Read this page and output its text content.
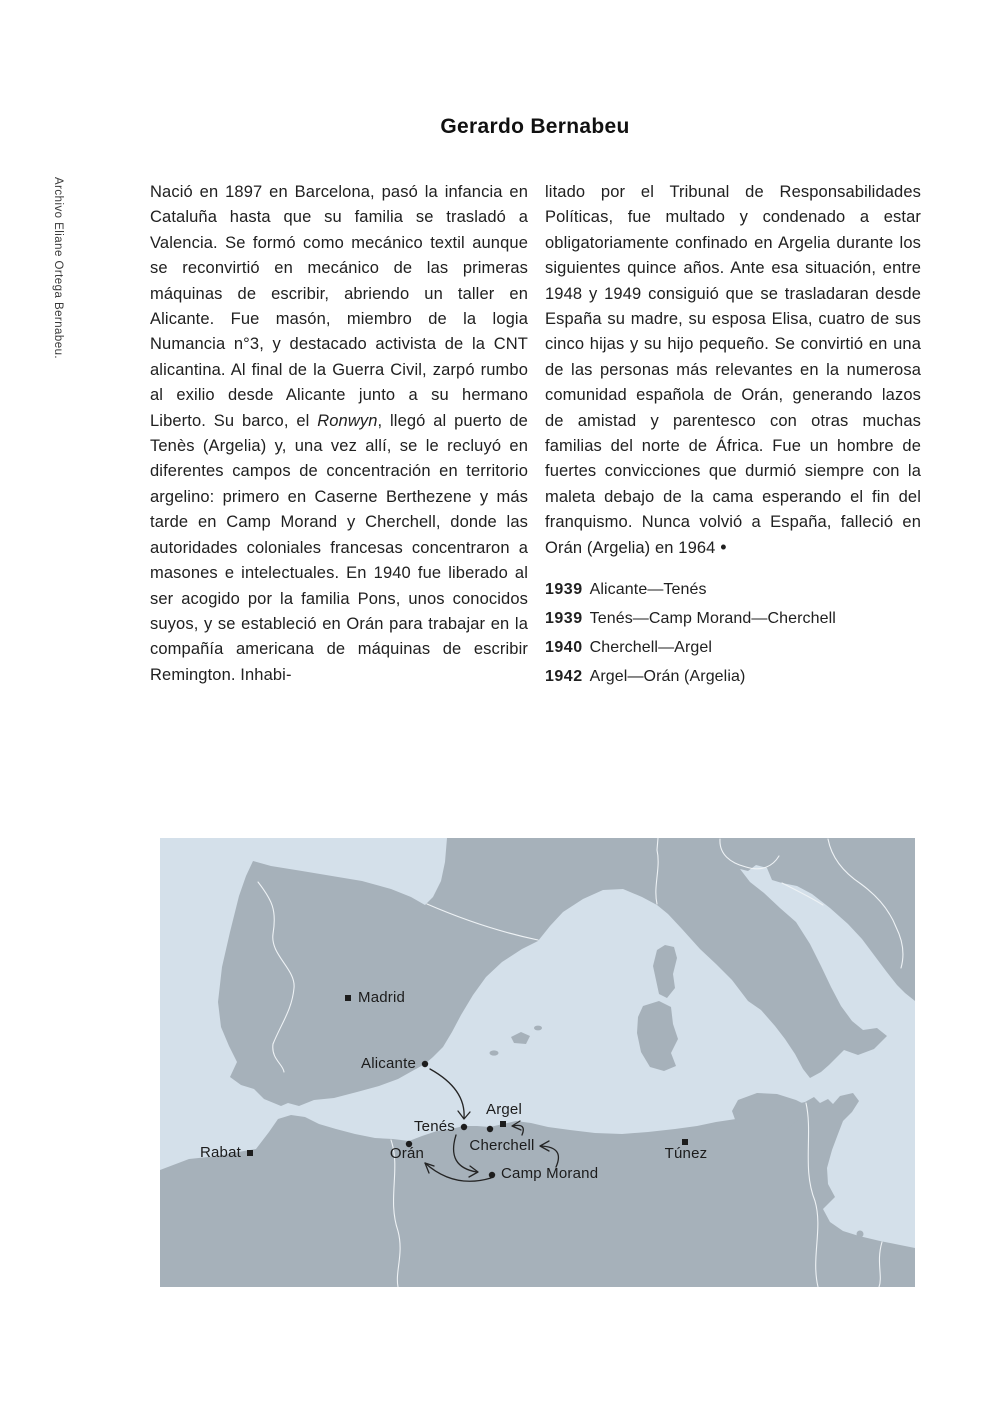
Archivo Eliane Ortega Bernabeu.
Gerardo Bernabeu
Nació en 1897 en Barcelona, pasó la infancia en Cataluña hasta que su familia se trasladó a Valencia. Se formó como mecánico textil aunque se reconvirtió en mecánico de las primeras máquinas de escribir, abriendo un taller en Alicante. Fue masón, miembro de la logia Numancia n°3, y destacado activista de la CNT alicantina. Al final de la Guerra Civil, zarpó rumbo al exilio desde Alicante junto a su hermano Liberto. Su barco, el Ronwyn, llegó al puerto de Tenès (Argelia) y, una vez allí, se le recluyó en diferentes campos de concentración en territorio argelino: primero en Caserne Berthezene y más tarde en Camp Morand y Cherchell, donde las autoridades coloniales francesas concentraron a masones e intelectuales. En 1940 fue liberado al ser acogido por la familia Pons, unos conocidos suyos, y se estableció en Orán para trabajar en la compañía americana de máquinas de escribir Remington. Inhabi-
litado por el Tribunal de Responsabilidades Políticas, fue multado y condenado a estar obligatoriamente confinado en Argelia durante los siguientes quince años. Ante esa situación, entre 1948 y 1949 consiguió que se trasladaran desde España su madre, su esposa Elisa, cuatro de sus cinco hijas y su hijo pequeño. Se convirtió en una de las personas más relevantes en la numerosa comunidad española de Orán, generando lazos de amistad y parentesco con otras muchas familias del norte de África. Fue un hombre de fuertes convicciones que durmió siempre con la maleta debajo de la cama esperando el fin del franquismo. Nunca volvió a España, falleció en Orán (Argelia) en 1964 •
1939 Alicante—Tenés
1939 Tenés—Camp Morand—Cherchell
1940 Cherchell—Argel
1942 Argel—Orán (Argelia)
Madrid
Alicante
Tenés
Argel
Cherchell
Orán
Camp Morand
Rabat	Túnez
